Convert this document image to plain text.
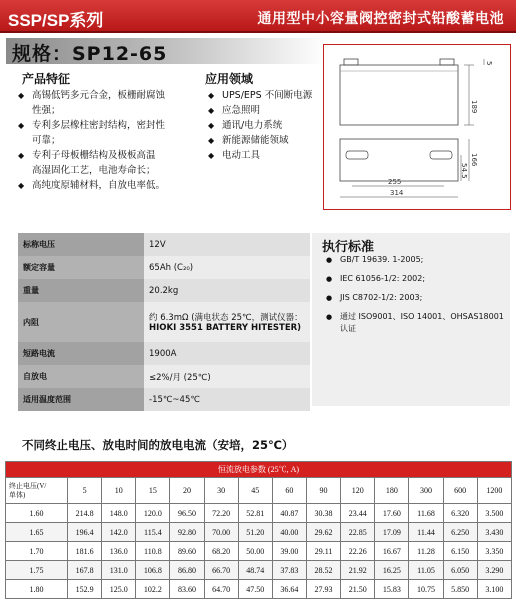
SSP/SP系列	通用型中小容量阀控密封式铅酸蓄电池
规格：SP12-65
产品特征
◆ 高锡低钙多元合金，板栅耐腐蚀
性强；
◆ 专利多层橡柱密封结构，密封性
可靠；
◆ 专利子母板栅结构及极板高温
高湿固化工艺，电池寿命长；
◆ 高纯度原辅材料，自放电率低。
应用领域
◆ UPS/EPS 不间断电源
◆ 应急照明
◆ 通讯/电力系统
◆ 新能源储能领域
◆ 电动工具
189
5
166
54.5
255
314
标称电压	12V
额定容量	65Ah (C₂₀)
重量	20.2kg
内阻	约 6.3mΩ (满电状态 25℃，测试仪器：
HIOKI 3551 BATTERY HITESTER)
短路电流	1900A
自放电	≤2%/月 (25℃)
适用温度范围	-15℃~45℃
执行标准
● GB/T 19639. 1-2005;
● IEC 61056-1/2: 2002;
● JIS C8702-1/2: 2003;
● 通过 ISO9001、ISO 14001、OHSAS18001
认证
不同终止电压、放电时间的放电电流（安培，25℃）
恒流放电参数 (25℃, A)													
终止电压(V/
单体)	5	10	15	20	30	45	60	90	120	180	300	600	1200
1.60	214.8	148.0	120.0	96.50	72.20	52.81	40.87	30.38	23.44	17.60	11.68	6.320	3.500
1.65	196.4	142.0	115.4	92.80	70.00	51.20	40.00	29.62	22.85	17.09	11.44	6.250	3.430
1.70	181.6	136.0	110.8	89.60	68.20	50.00	39.00	29.11	22.26	16.67	11.28	6.150	3.350
1.75	167.8	131.0	106.8	86.80	66.70	48.74	37.83	28.52	21.92	16.25	11.05	6.050	3.290
1.80	152.9	125.0	102.2	83.60	64.70	47.50	36.64	27.93	21.50	15.83	10.75	5.850	3.100
